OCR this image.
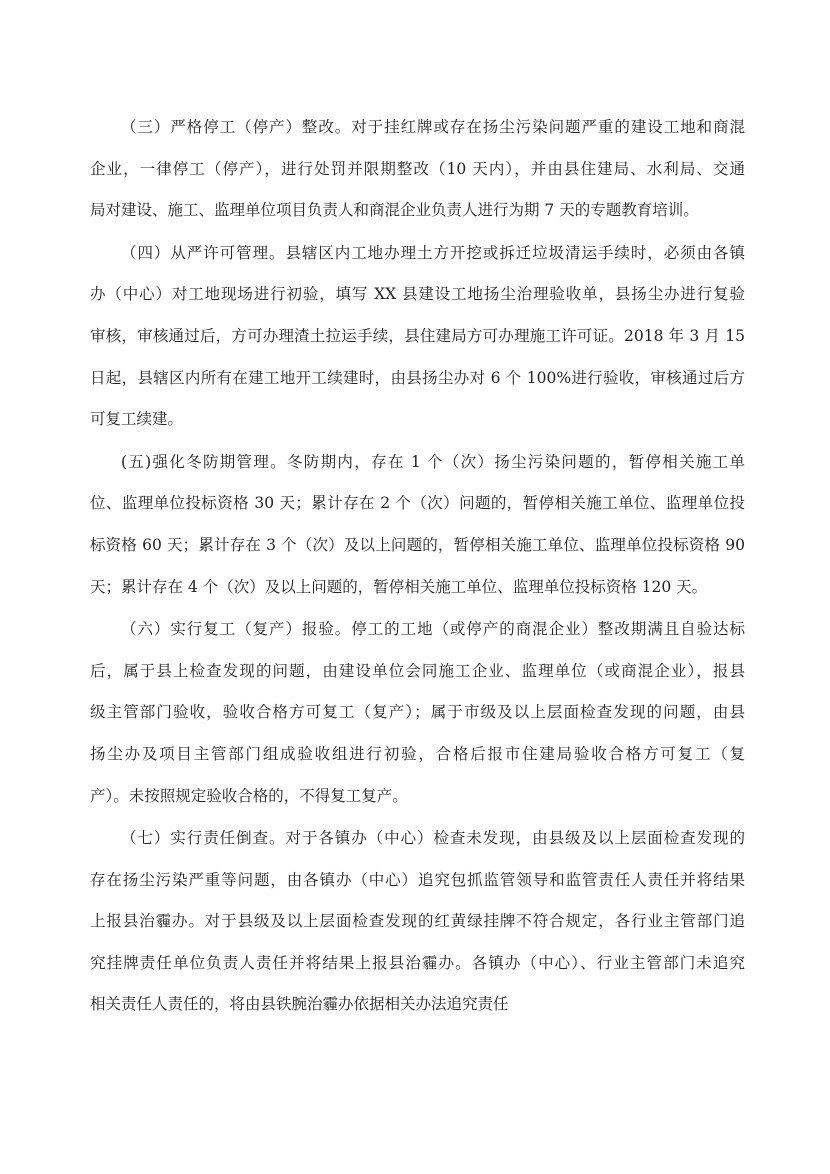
（三）严格停工（停产）整改。对于挂红牌或存在扬尘污染问题严重的建设工地和商混
企业，一律停工（停产），进行处罚并限期整改（10 天内），并由县住建局、水利局、交通
局对建设、施工、监理单位项目负责人和商混企业负责人进行为期 7 天的专题教育培训。
（四）从严许可管理。县辖区内工地办理土方开挖或拆迁垃圾清运手续时，必须由各镇
办（中心）对工地现场进行初验，填写 XX 县建设工地扬尘治理验收单，县扬尘办进行复验
审核，审核通过后，方可办理渣土拉运手续，县住建局方可办理施工许可证。2018 年 3 月 15
日起，县辖区内所有在建工地开工续建时，由县扬尘办对 6 个 100%进行验收，审核通过后方
可复工续建。
(五)强化冬防期管理。冬防期内，存在 1 个（次）扬尘污染问题的，暂停相关施工单
位、监理单位投标资格 30 天；累计存在 2 个（次）问题的，暂停相关施工单位、监理单位投
标资格 60 天；累计存在 3 个（次）及以上问题的，暂停相关施工单位、监理单位投标资格 90
天；累计存在 4 个（次）及以上问题的，暂停相关施工单位、监理单位投标资格 120 天。
（六）实行复工（复产）报验。停工的工地（或停产的商混企业）整改期满且自验达标
后，属于县上检查发现的问题，由建设单位会同施工企业、监理单位（或商混企业），报县
级主管部门验收，验收合格方可复工（复产）；属于市级及以上层面检查发现的问题，由县
扬尘办及项目主管部门组成验收组进行初验，合格后报市住建局验收合格方可复工（复
产）。未按照规定验收合格的，不得复工复产。
（七）实行责任倒查。对于各镇办（中心）检查未发现，由县级及以上层面检查发现的
存在扬尘污染严重等问题，由各镇办（中心）追究包抓监管领导和监管责任人责任并将结果
上报县治霾办。对于县级及以上层面检查发现的红黄绿挂牌不符合规定，各行业主管部门追
究挂牌责任单位负责人责任并将结果上报县治霾办。各镇办（中心）、行业主管部门未追究
相关责任人责任的，将由县铁腕治霾办依据相关办法追究责任
